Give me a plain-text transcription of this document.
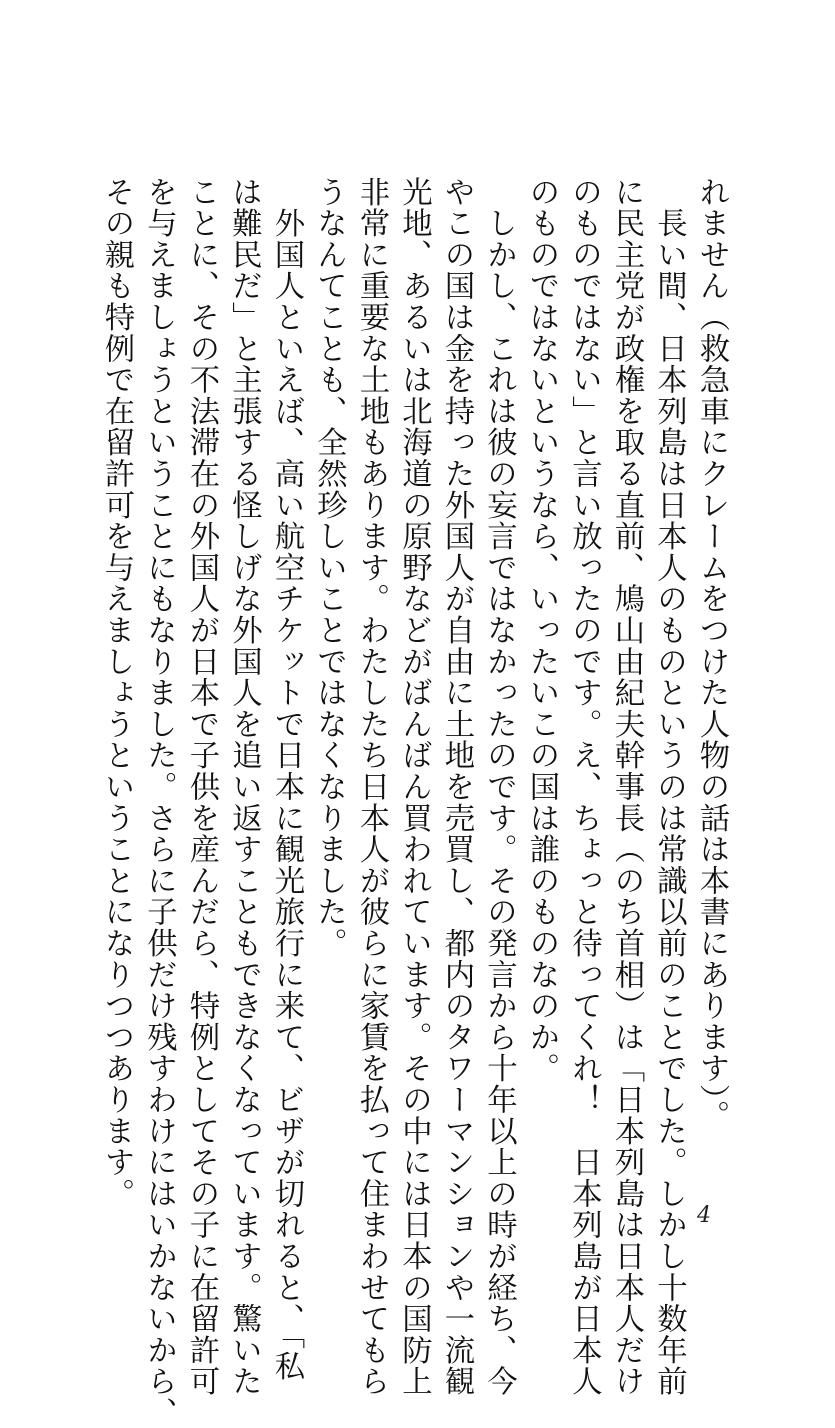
れません（救急車にクレームをつけた人物の話は本書にあります）。
　長い間、日本列島は日本人のものというのは常識以前のことでした。しかし十数年前
に民主党が政権を取る直前、鳩山由紀夫幹事長（のち首相）は「日本列島は日本人だけ
のものではない」と言い放ったのです。え、ちょっと待ってくれ！　日本列島が日本人
のものではないというなら、いったいこの国は誰のものなのか。
　しかし、これは彼の妄言ではなかったのです。その発言から十年以上の時が経ち、今
やこの国は金を持った外国人が自由に土地を売買し、都内のタワーマンションや一流観
光地、あるいは北海道の原野などがばんばん買われています。その中には日本の国防上
非常に重要な土地もあります。わたしたち日本人が彼らに家賃を払って住まわせてもら
うなんてことも、全然珍しいことではなくなりました。
　外国人といえば、高い航空チケットで日本に観光旅行に来て、ビザが切れると、「私
は難民だ」と主張する怪しげな外国人を追い返すこともできなくなっています。驚いた
ことに、その不法滞在の外国人が日本で子供を産んだら、特例としてその子に在留許可
を与えましょうということにもなりました。さらに子供だけ残すわけにはいかないから、
その親も特例で在留許可を与えましょうということになりつつあります。
4
